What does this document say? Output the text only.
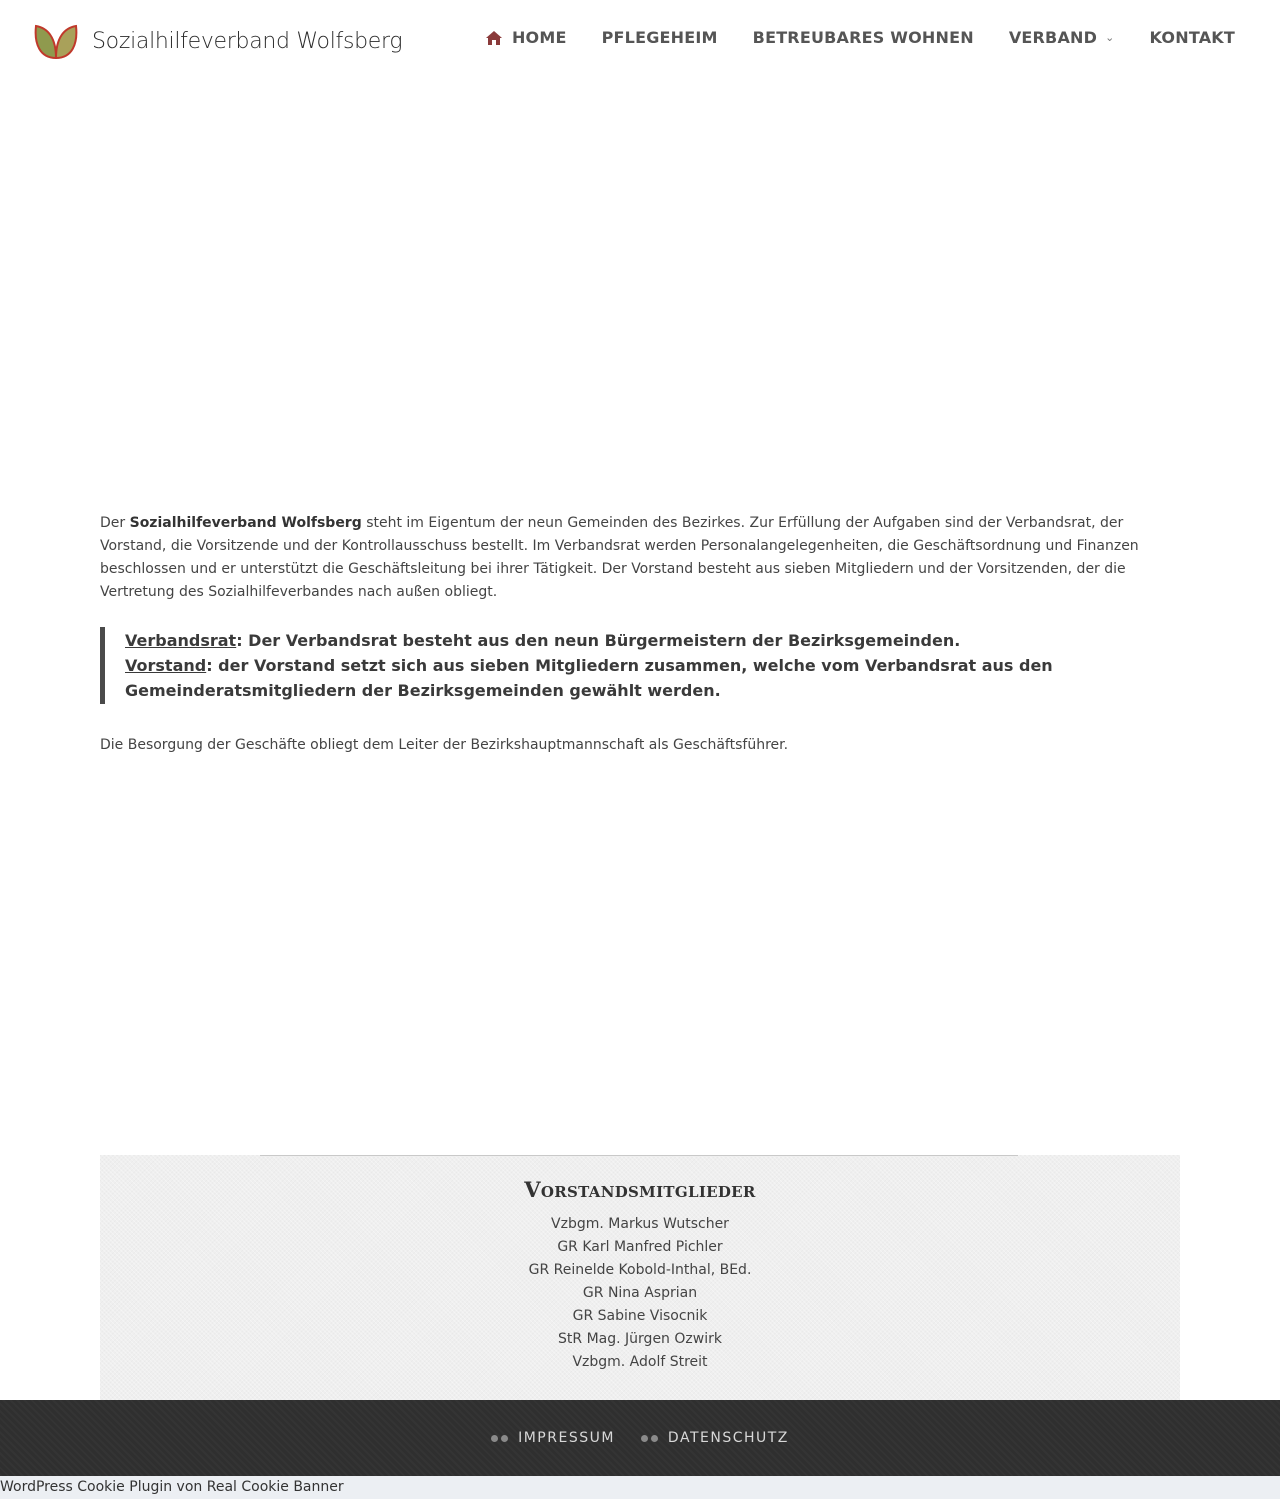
Sozialhilfeverband Wolfsberg	HOME PFLEGEHEIM BETREUBARES WOHNEN VERBAND ⌄ KONTAKT

Der Sozialhilfeverband Wolfsberg steht im Eigentum der neun Gemeinden des Bezirkes. Zur Erfüllung der Aufgaben sind der Verbandsrat, der Vorstand, die Vorsitzende und der Kontrollausschuss bestellt. Im Verbandsrat werden Personalangelegenheiten, die Geschäftsordnung und Finanzen beschlossen und er unterstützt die Geschäftsleitung bei ihrer Tätigkeit. Der Vorstand besteht aus sieben Mitgliedern und der Vorsitzenden, der die Vertretung des Sozialhilfeverbandes nach außen obliegt.

Verbandsrat: Der Verbandsrat besteht aus den neun Bürgermeistern der Bezirksgemeinden.

Vorstand: der Vorstand setzt sich aus sieben Mitgliedern zusammen, welche vom Verbandsrat aus den Gemeinderatsmitgliedern der Bezirksgemeinden gewählt werden.

Die Besorgung der Geschäfte obliegt dem Leiter der Bezirkshauptmannschaft als Geschäftsführer.

Vorstandsmitglieder
Vzbgm. Markus Wutscher
GR Karl Manfred Pichler
GR Reinelde Kobold-Inthal, BEd.
GR Nina Asprian
GR Sabine Visocnik
StR Mag. Jürgen Ozwirk
Vzbgm. Adolf Streit
IMPRESSUM	DATENSCHUTZ
WordPress Cookie Plugin von Real Cookie Banner
